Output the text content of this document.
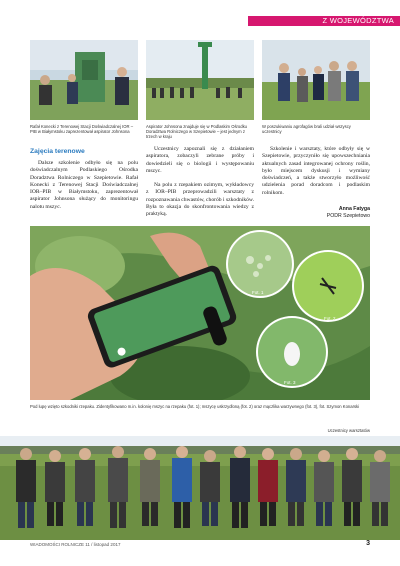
Z WOJEWÓDZTWA
Rafał Konecki z Terenowej Stacji Doświadczalnej IOR – PIB w Białymstoku zaprezentował aspirator Johnsona
Aspirator Johnsona znajduje się w Podlaskim Ośrodku Doradztwa Rolniczego w Szepietowie – jest jednym z trzech w kraju
W poszukiwaniu agrofagów brali udział wszyscy uczestnicy
Zajęcia terenowe
Dalsze szkolenie odbyło się na polu doświadczalnym Podlaskiego Ośrodka Doradztwa Rolniczego w Szepietowie. Rafał Konecki z Terenowej Stacji Doświadczalnej IOR–PIB w Białymstoku, zaprezentował aspirator Johnsona służący do monitoringu nalotu mszyc.
Uczestnicy zapoznali się z działaniem aspiratora, zobaczyli zebrane próby i dowiedzieli się o biologii i występowaniu mszyc.
Na polu z rzepakiem ozimym, wykładowcy z IOR–PIB przeprowadzili warsztaty z rozpoznawania chwastów, chorób i szkodników. Była to okazja do skonfrontowania wiedzy z praktyką.
Szkolenie i warsztaty, które odbyły się w Szepietowie, przyczyniło się upowszechniania aktualnych zasad integrowanej ochrony roślin, było miejscem dyskusji i wymiany doświadczeń, a także stworzyło możliwość udzielenia porad doradcom i podlaskim rolnikom.
Anna Fatyga
PODR Szepietowo
Fot. 1
Fot. 2
Fot. 3
Pod lupę wzięto szkodniki rzepaku. Zidentyfikowano m.in. kolonię mszyc na rzepaku (fot. 1); mszycę uskrzydloną (fot. 2) oraz mączlika warzywnego (fot. 3), fot. Szymon Konarski
Uczestnicy warsztatów
WIADOMOŚCI ROLNICZE 11 / listopad 2017	3
